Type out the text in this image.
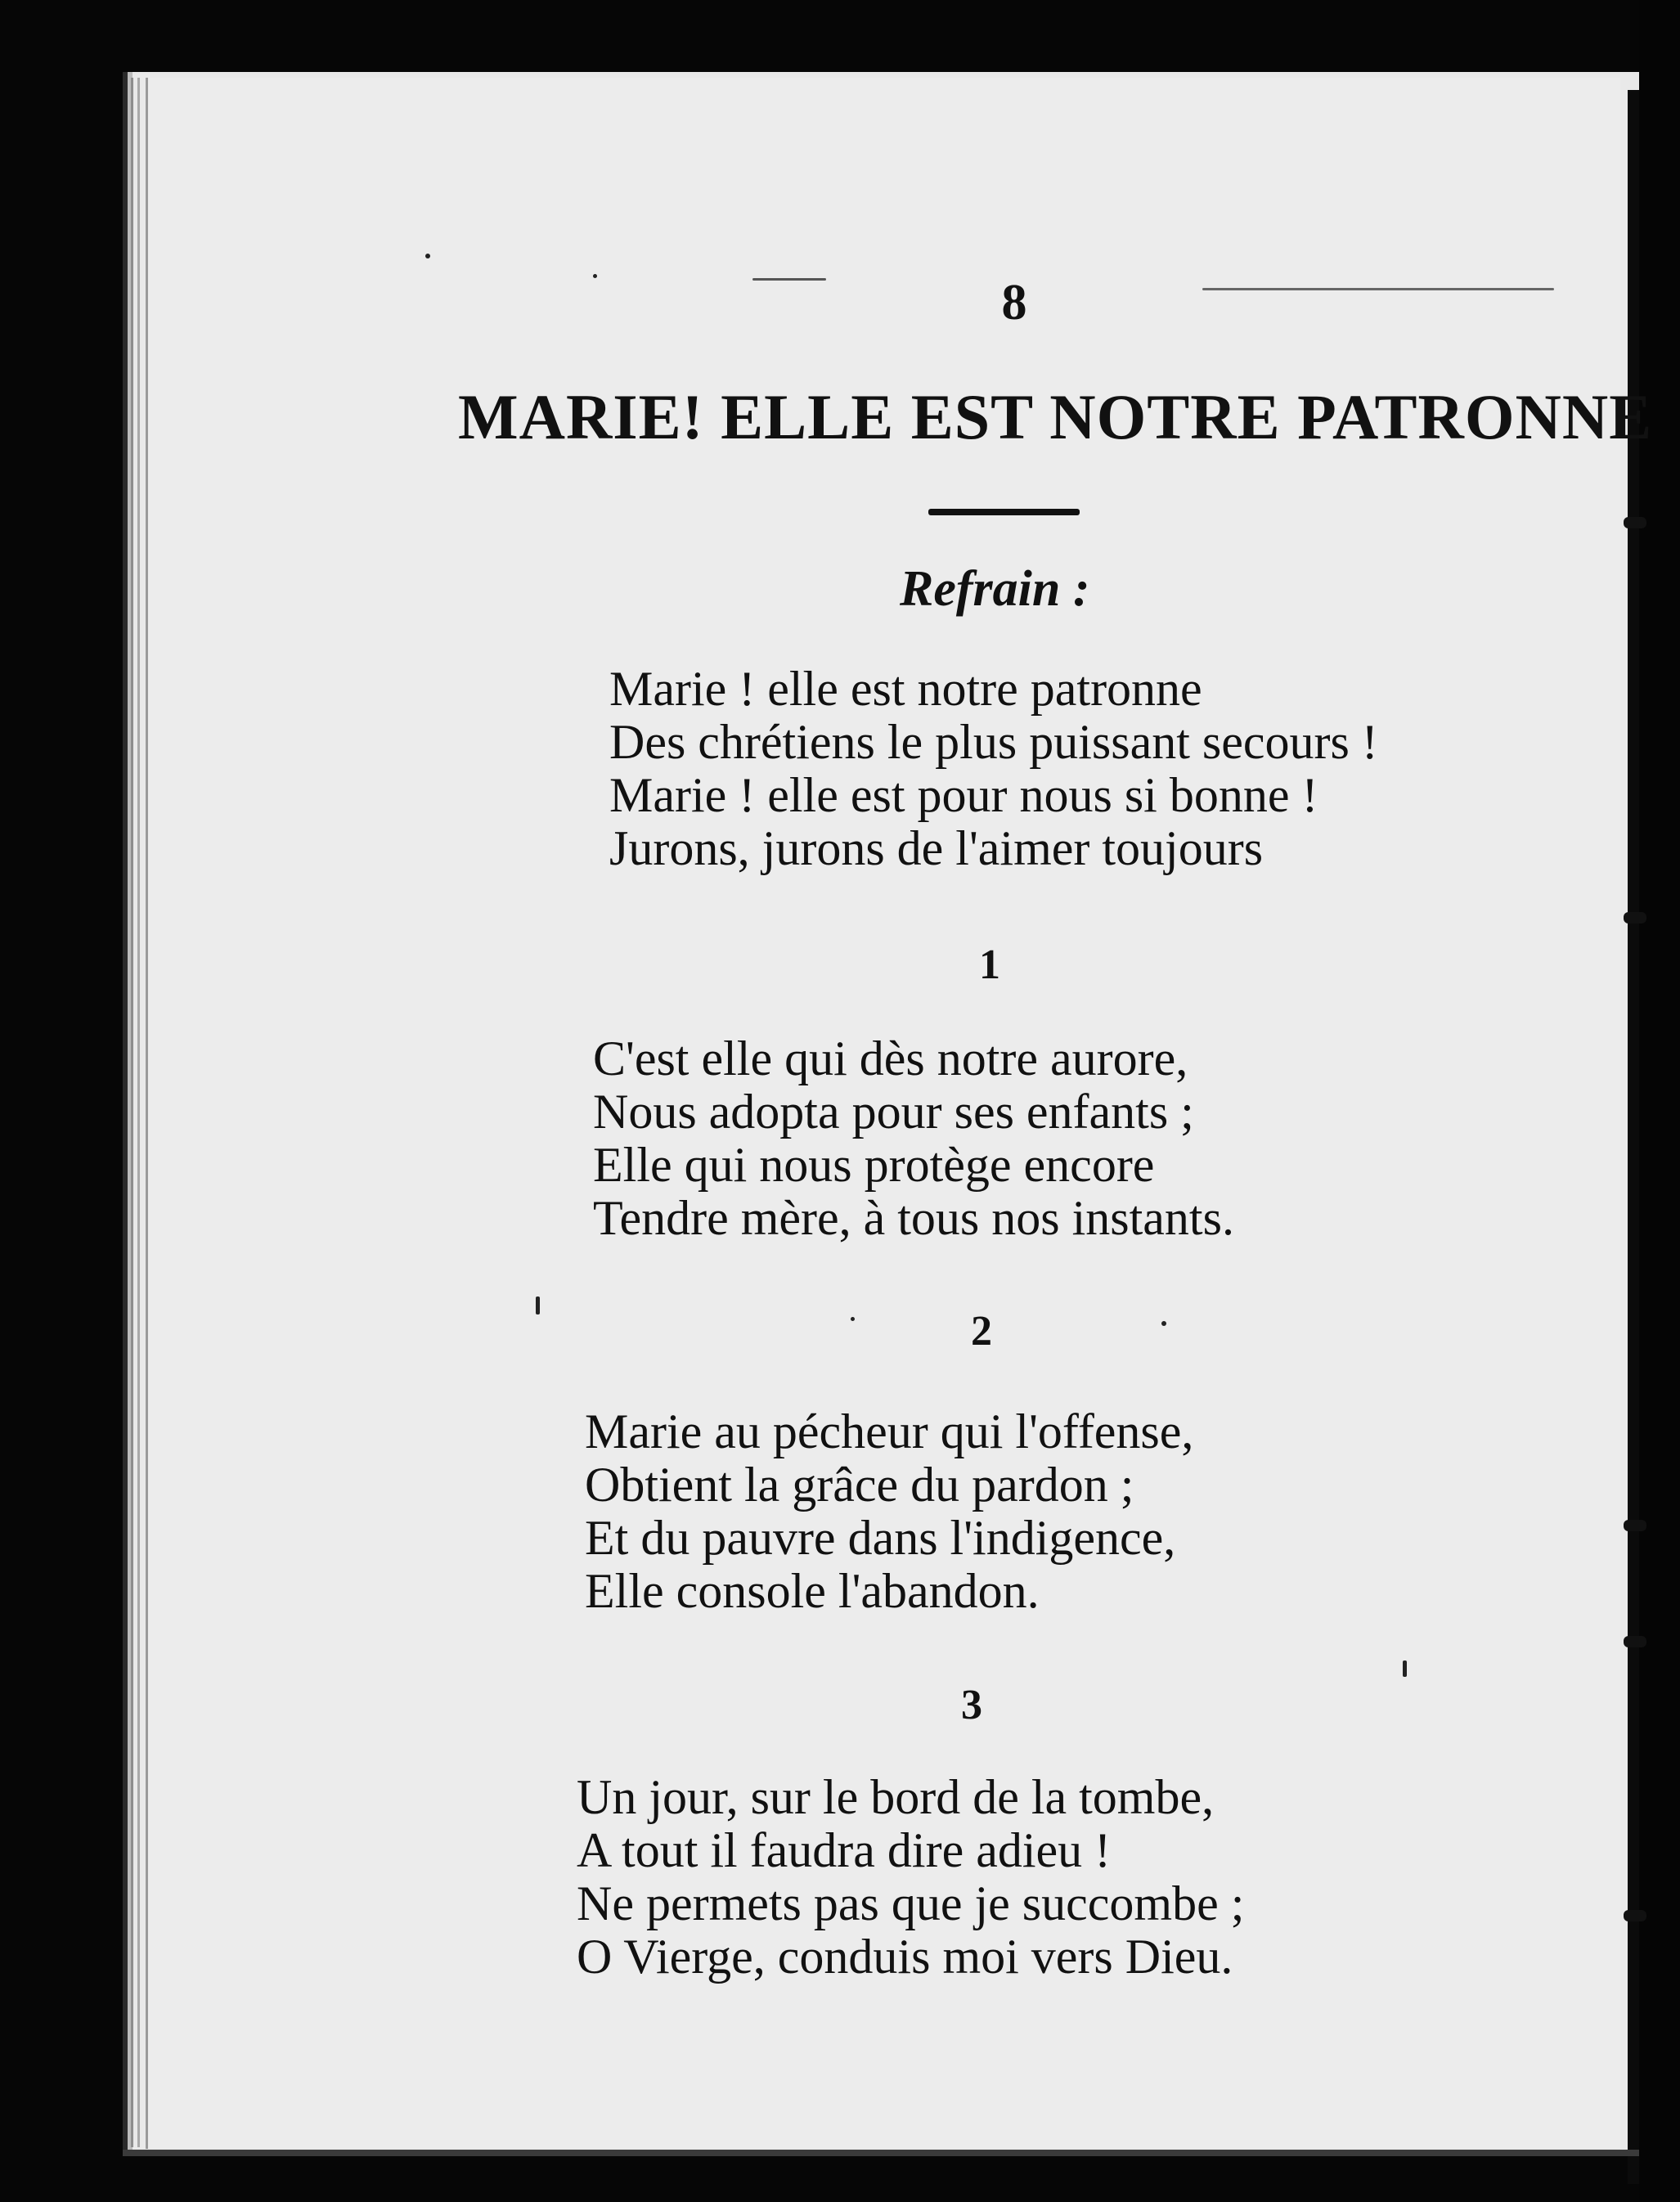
8
MARIE! ELLE EST NOTRE PATRONNE
Refrain :
Marie ! elle est notre patronne
Des chrétiens le plus puissant secours !
Marie ! elle est pour nous si bonne !
Jurons, jurons de l'aimer toujours
1
C'est elle qui dès notre aurore,
Nous adopta pour ses enfants ;
Elle qui nous protège encore
Tendre mère, à tous nos instants.
2
Marie au pécheur qui l'offense,
Obtient la grâce du pardon ;
Et du pauvre dans l'indigence,
Elle console l'abandon.
3
Un jour, sur le bord de la tombe,
A tout il faudra dire adieu !
Ne permets pas que je succombe ;
O Vierge, conduis moi vers Dieu.
